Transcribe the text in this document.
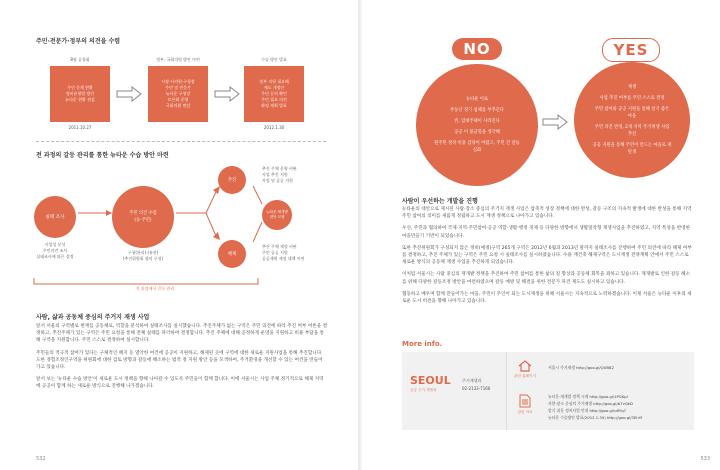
주민·전문가·정부의 의견을 수렴
8월 공청회
주민 문제 현황
정비유형별 방안
뉴타운 현황 점검
2011.10.27
정부, 국회의원 방안 마련
시장·시의원·구청장
주민 및 전문가
뉴타운 구청장
토론회 운영
국회의원 면담
수습 방안 발표
정부 지원 필요해
제도 개정안
주민 동의 확인
주민 필요 의견
확정 계획 발표
2012.1.30
전 과정의 갈등 관리를 통한 뉴타운 수습 방안 마련
실태 조사
사업성 분석
주민의견 조사
실태조사에 따른 결정
주민 의견 수렴
(동·주민)
구청(관리)·(유관)
(추진위원회 협의 구성)
추진
추진 주체 운영 비판
사업 추진 지원
사업 및 공공 지원
뉴타운·재개발
대안 모델
해제
추진 주체 재정 비판
주민 공공 지원
공공재원 재정 대책 마련
전 과정에서 갈등 관리
사람, 삶과 공동체 중심의 주거지 재생 사업

앞서 서울의 구역별로 현재를 공동체로, 역할을 분석하여 실태조사를 실시했습니다. 추진주체가 없는 구역은 주민 의견에 따라 추진 여부 여론을 결정하고, 추진주체가 있는 구역은 주민 요청을 통해 전체 실태를 파악하여 결정합니다. 추진 주체에 대해 공정하게 운영을 지원하고 비용 부담을 통해 구역을 지원합니다. 주민 스스로 결정하여 실시합니다.

주민들의 적극적 참여가 있다는 구체적인 해지 등 열악한 여건에 공공이 지원하고, 해제된 곳에 구역에 대한 새로운 지원사업을 통해 추진합니다. 도한 경험조정인구역을 위원회에 대한 검토 방향과 갈등에 해소하는 법적 정 지원 방안 등을 모색하여, 주거환경을 개선할 수 있는 여건을 만들어 가고 있습니다.

앞서 보는 '뉴타운 수습 방안'이 새로운 도시 정책을 향해 나아갈 수 있도록 주민들이 함께 합니다. 이에 서울시는 사업 주체 정기적으로 해제 지역에 공공이 함께 하는 새로운 방식으로 진행해 나가겠습니다.

532
NO	YES
뉴타운 이로
부동산 경기 침체를 부추긴다
빈, 임대주택이 사라진다
공공 이 불균형을 생각해
원주민 정착 비용 감당이 어렵고, 주민 간 갈등 심화
재생
사업 추진 여부를 주민 스스로 결정
주민 참여와 공공 지원을 통해 살기 좋은 마을
주민 의견 반영, 2개 지역 주거재생 사업 추진
공공 지원을 통해 주민이 만드는 마을로 재탄생
사람이 우선하는 개발을 진행

뉴타운의 대안으로 제시된 사람·장소 중심의 주거지 재생 사업은 압축적 성장 정책에 대한 반성, 갈등 구조의 지속적 발생에 대한 반성을 통해 지역 주민 참여의 의미를 새롭게 정립하고 도시 재생 정책으로 나아가고 있습니다.

우선, 주민과 협의하여 국제·지역·주민참여·공공 역할·생활·행정 경제 등 다양한 방향에서 생활밀착형 재생사업을 추진하였고, 지역 특성을 반영한 마을만들기 기반이 되었습니다.

또한 추진위원회가 구성되지 않은 정비(예정)구역 265개 구역은 2012년 6월과 2013년 말까지 실태조사를 진행하여 주민 의견에 따라 해제 여부를 결정하고, 추진 주체가 있는 구역은 주민 요청 시 실태조사를 실시하였습니다. 수용 재건축 해제구역은 도시재생 전략계획 안에서 주민 스스로 새로운 방식의 공동체 재생 사업을 추진하게 되었습니다.

이처럼 서울시는 사람 중심의 재개발 정책을 추진하여 주민 참여를 통한 삶의 질 향상과 공동체 회복을 꾀하고 있습니다. 재개발로 인한 갈등 해소를 위해 다양한 갈등조정 방안을 마련하였으며 갈등 예방 및 해결을 위한 전문가 파견 제도도 실시하고 있습니다.

협동하고 배우며 함께 만들어가는 마을, 주민이 주인이 되는 도시재생을 위해 서울시는 지속적으로 노력하겠습니다. 이제 서울은 뉴타운 이후의 새로운 도시 비전을 향해 나아가고 있습니다.

More info.
SEOUL
공공 주거 재생과
주거재생과
02-2133-7166
관련 홈페이지
관련 자료
서울시 주거재생 http://goo.gl/QUB82
뉴타운·재개발 정책 시계 http://goo.gl/1PGKpl
사람·장소 중심의 주거재생 http://goo.gl/b7vQkD
알기 쉬운 정비사업 안내 http://goo.gl/u8Yq7
뉴타운 수습방안 발표(2012.1.30) http://goo.gl/3EhYf
533
